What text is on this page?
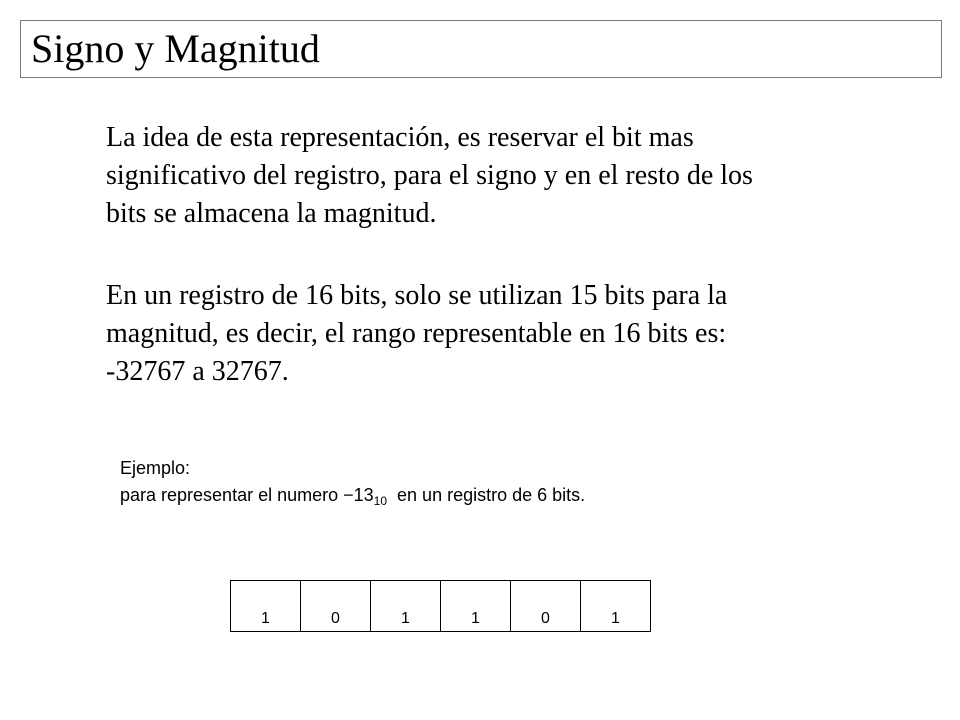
Signo y Magnitud

La idea de esta representación, es reservar el bit mas
significativo del registro, para el signo y en el resto de los
bits se almacena la magnitud.

En un registro de 16 bits, solo se utilizan 15 bits para la
magnitud, es decir, el rango representable en 16 bits es:
-32767 a 32767.

Ejemplo:
para representar el numero $-13_{10}$  en un registro de 6 bits.
1	0	1	1	0	1
